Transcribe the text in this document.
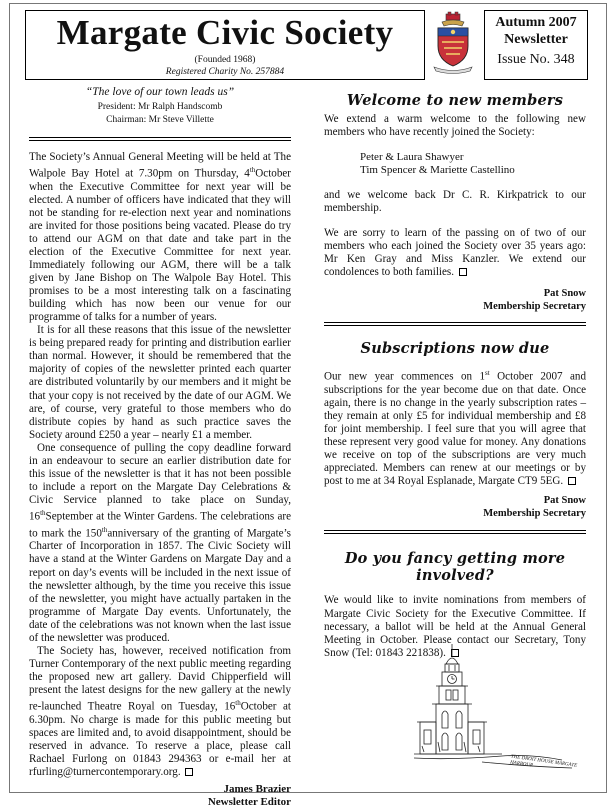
Margate Civic Society
(Founded 1968)
Registered Charity No. 257884
Autumn 2007
Newsletter
Issue No. 348
“The love of our town leads us”
President: Mr Ralph Handscomb
Chairman: Mr Steve Villette

The Society’s Annual General Meeting will be held at The Walpole Bay Hotel at 7.30pm on Thursday, 4thOctober when the Executive Committee for next year will be elected. A number of officers have indicated that they will not be standing for re-election next year and nominations are invited for those positions being vacated. Please do try to attend our AGM on that date and take part in the election of the Executive Committee for next year. Immediately following our AGM, there will be a talk given by Jane Bishop on The Walpole Bay Hotel. This promises to be a most interesting talk on a fascinating building which has now been our venue for our programme of talks for a number of years.

It is for all these reasons that this issue of the newsletter is being prepared ready for printing and distribution earlier than normal. However, it should be remembered that the majority of copies of the newsletter printed each quarter are distributed voluntarily by our members and it might be that your copy is not received by the date of our AGM. We are, of course, very grateful to those members who do distribute copies by hand as such practice saves the Society around £250 a year – nearly £1 a member.

One consequence of pulling the copy deadline forward in an endeavour to secure an earlier distribution date for this issue of the newsletter is that it has not been possible to include a report on the Margate Day Celebrations & Civic Service planned to take place on Sunday, 16thSeptember at the Winter Gardens. The celebrations are to mark the 150thanniversary of the granting of Margate’s Charter of Incorporation in 1857. The Civic Society will have a stand at the Winter Gardens on Margate Day and a report on day’s events will be included in the next issue of the newsletter although, by the time you receive this issue of the newsletter, you might have actually partaken in the programme of Margate Day events. Unfortunately, the date of the celebrations was not known when the last issue of the newsletter was produced.

The Society has, however, received notification from Turner Contemporary of the next public meeting regarding the proposed new art gallery. David Chipperfield will present the latest designs for the new gallery at the newly re-launched Theatre Royal on Tuesday, 16thOctober at 6.30pm. No charge is made for this public meeting but spaces are limited and, to avoid disappointment, should be reserved in advance. To reserve a place, please call Rachael Furlong on 01843 294363 or e-mail her at rfurling@turnercontemporary.org.

James Brazier
Newsletter Editor
Welcome to new members

We extend a warm welcome to the following new members who have recently joined the Society:

Peter & Laura Shawyer
Tim Spencer & Mariette Castellino

and we welcome back Dr C. R. Kirkpatrick to our membership.

We are sorry to learn of the passing on of two of our members who each joined the Society over 35 years ago: Mr Ken Gray and Miss Kanzler. We extend our condolences to both families.

Pat Snow
Membership Secretary
Subscriptions now due

Our new year commences on 1st October 2007 and subscriptions for the year become due on that date. Once again, there is no change in the yearly subscription rates – they remain at only £5 for individual membership and £8 for joint membership. I feel sure that you will agree that these represent very good value for money. Any donations we receive on top of the subscriptions are very much appreciated. Members can renew at our meetings or by post to me at 34 Royal Esplanade, Margate CT9 5EG.

Pat Snow
Membership Secretary
Do you fancy getting more involved?

We would like to invite nominations from members of Margate Civic Society for the Executive Committee. If necessary, a ballot will be held at the Annual General Meeting in October. Please contact our Secretary, Tony Snow (Tel: 01843 221838).

THE DROIT HOUSE MARGATE HARBOUR
